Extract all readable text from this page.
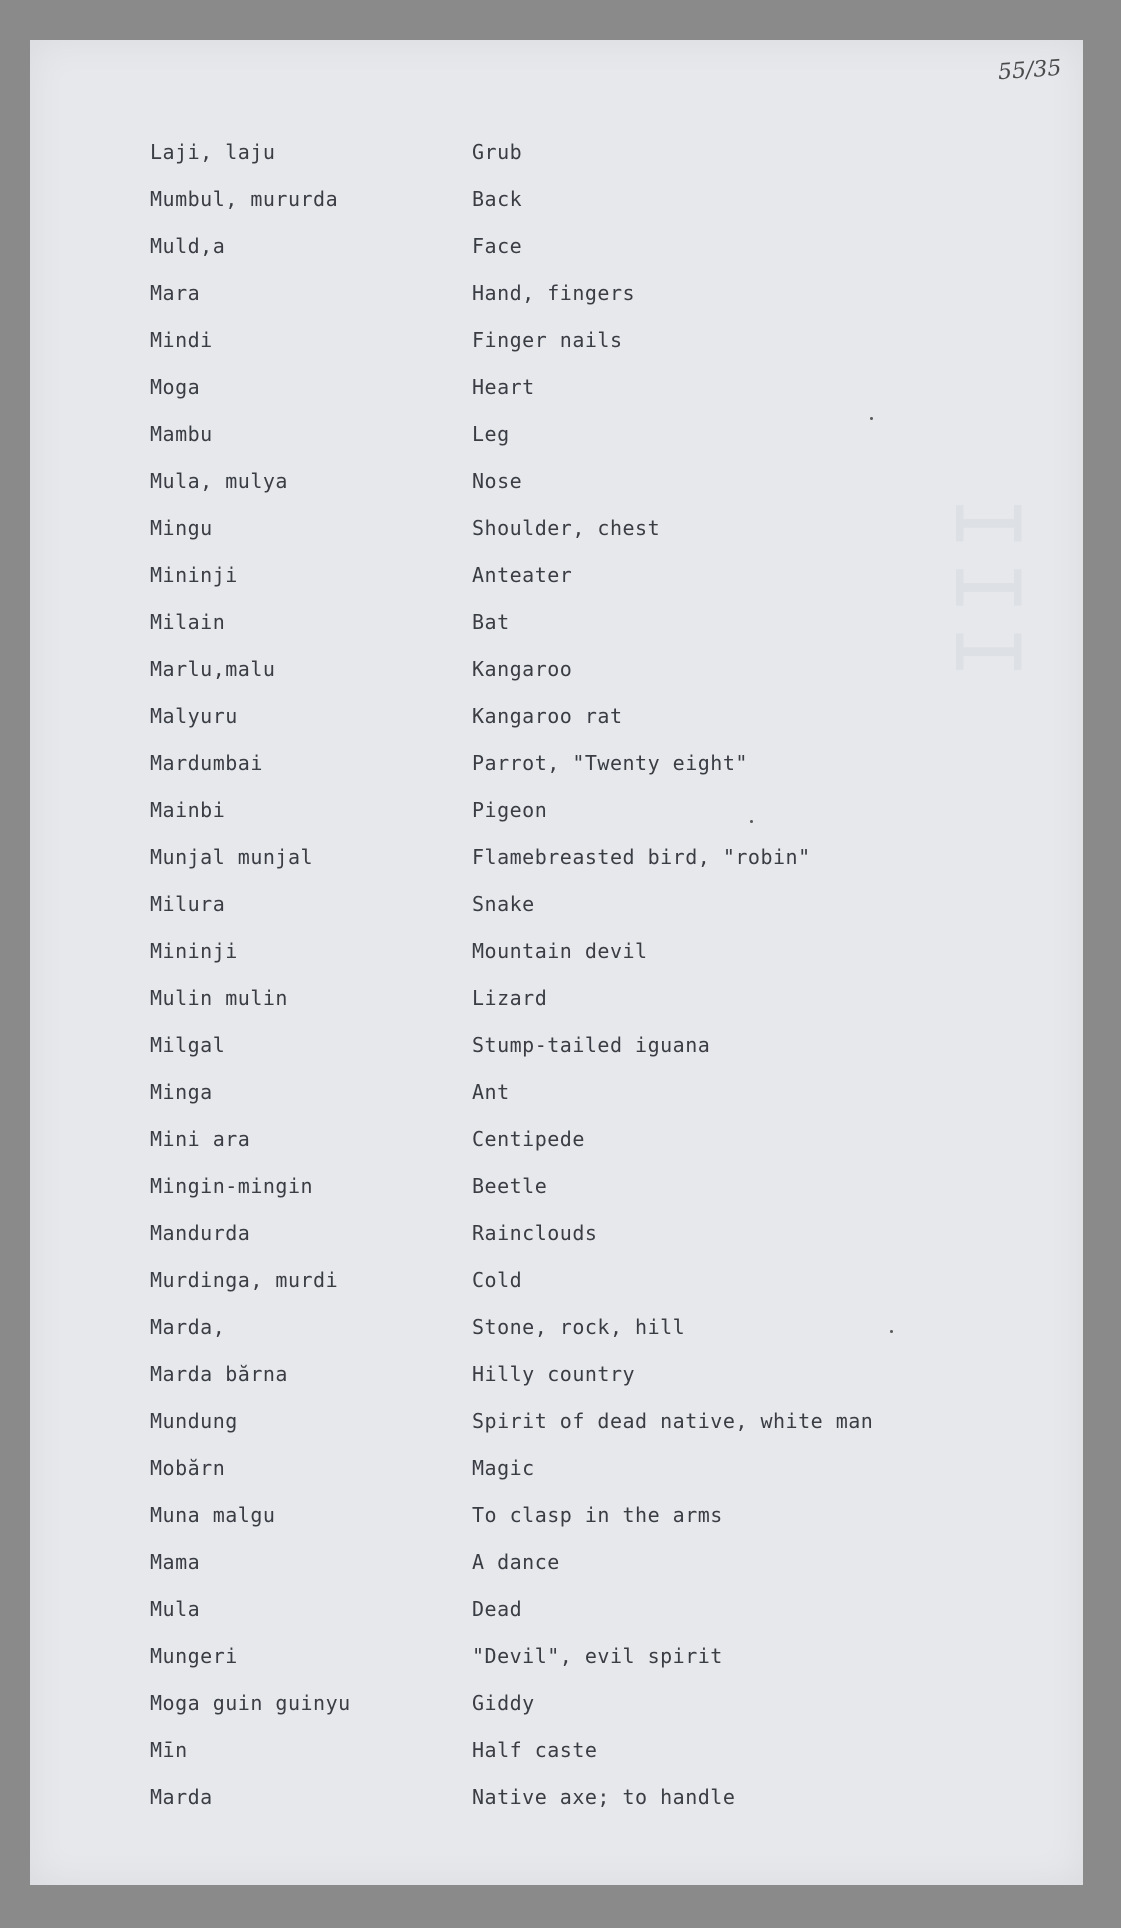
55/35
III
Laji, laju	Grub
Mumbul, mururda	Back
Muld,a	Face
Mara	Hand, fingers
Mindi	Finger nails
Moga	Heart
Mambu	Leg
Mula, mulya	Nose
Mingu	Shoulder, chest
Mininji	Anteater
Milain	Bat
Marlu,malu	Kangaroo
Malyuru	Kangaroo rat
Mardumbai	Parrot, "Twenty eight"
Mainbi	Pigeon
Munjal munjal	Flamebreasted bird, "robin"
Milura	Snake
Mininji	Mountain devil
Mulin mulin	Lizard
Milgal	Stump-tailed iguana
Minga	Ant
Mini ara	Centipede
Mingin-mingin	Beetle
Mandurda	Rainclouds
Murdinga, murdi	Cold
Marda,	Stone, rock, hill
Marda bărna	Hilly country
Mundung	Spirit of dead native, white man
Mobărn	Magic
Muna malgu	To clasp in the arms
Mama	A dance
Mula	Dead
Mungeri	"Devil", evil spirit
Moga guin guinyu	Giddy
Mīn	Half caste
Marda	Native axe; to handle
